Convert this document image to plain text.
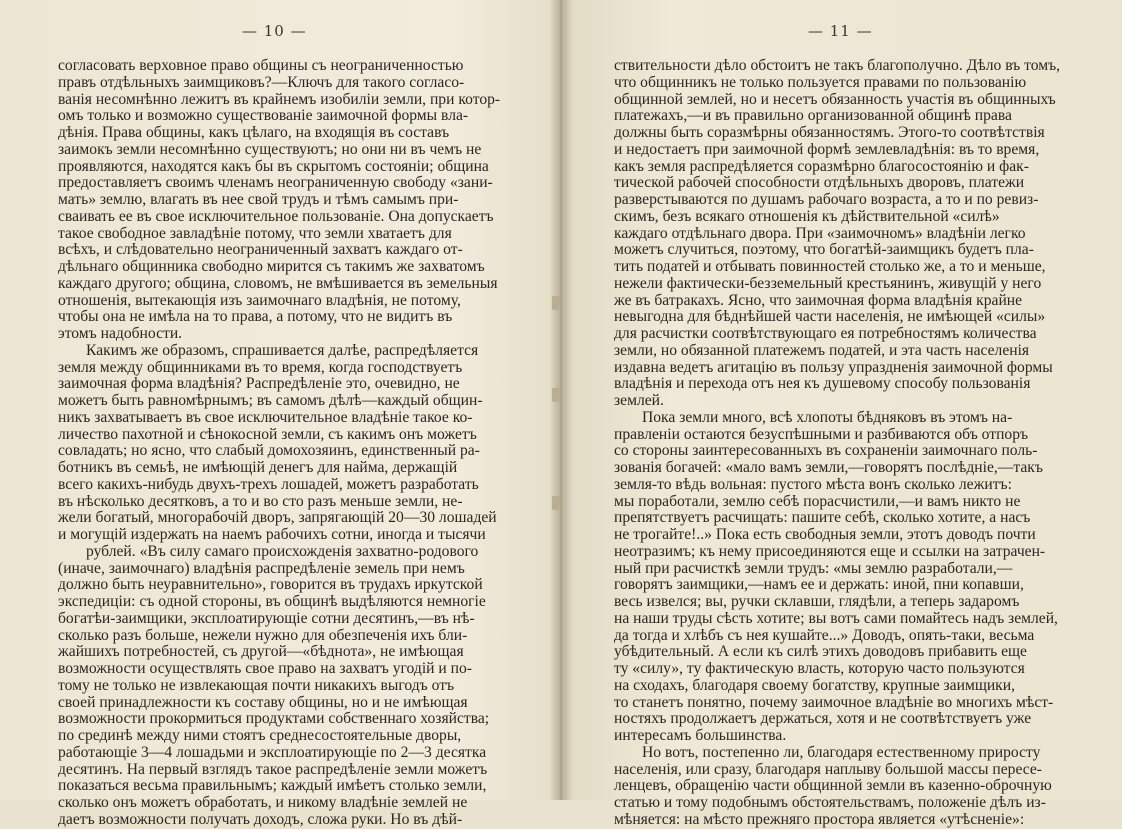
— 10 —
согласовать верховное право общины съ неограниченностью
правъ отдѣльныхъ заимщиковъ?—Ключъ для такого согласо-
ванія несомнѣнно лежитъ въ крайнемъ изобиліи земли, при котор-
омъ только и возможно существованіе заимочной формы вла-
дѣнія. Права общины, какъ цѣлаго, на входящія въ составъ
заимокъ земли несомнѣнно существуютъ; но они ни въ чемъ не
проявляются, находятся какъ бы въ скрытомъ состояніи; община
предоставляетъ своимъ членамъ неограниченную свободу «зани-
мать» землю, влагать въ нее свой трудъ и тѣмъ самымъ при-
сваивать ее въ свое исключительное пользованіе. Она допускаетъ
такое свободное завладѣніе потому, что земли хватаетъ для
всѣхъ, и слѣдовательно неограниченный захватъ каждаго от-
дѣльнаго общинника свободно мирится съ такимъ же захватомъ
каждаго другого; община, словомъ, не вмѣшивается въ земельныя
отношенія, вытекающія изъ заимочнаго владѣнія, не потому,
чтобы она не имѣла на то права, а потому, что не видитъ въ
этомъ надобности.
Какимъ же образомъ, спрашивается далѣе, распредѣляется
земля между общинниками въ то время, когда господствуетъ
заимочная форма владѣнія? Распредѣленіе это, очевидно, не
можетъ быть равномѣрнымъ; въ самомъ дѣлѣ—каждый общин-
никъ захватываетъ въ свое исключительное владѣніе такое ко-
личество пахотной и сѣнокосной земли, съ какимъ онъ можетъ
совладать; но ясно, что слабый домохозяинъ, единственный ра-
ботникъ въ семьѣ, не имѣющій денегъ для найма, держащій
всего какихъ-нибудь двухъ-трехъ лошадей, можетъ разработать
въ нѣсколько десятковъ, а то и во сто разъ меньше земли, не-
жели богатый, многорабочій дворъ, запрягающій 20—30 лошадей
и могущій издержать на наемъ рабочихъ сотни, иногда и тысячи
рублей. «Въ силу самаго происхожденія захватно-родового
(иначе, заимочнаго) владѣнія распредѣленіе земель при немъ
должно быть неуравнительно», говорится въ трудахъ иркутской
экспедиціи: съ одной стороны, въ общинѣ выдѣляются немногіе
богатѣи-заимщики, эксплоатирующіе сотни десятинъ,—въ нѣ-
сколько разъ больше, нежели нужно для обезпеченія ихъ бли-
жайшихъ потребностей, съ другой—«бѣднота», не имѣющая
возможности осуществлять свое право на захватъ угодій и по-
тому не только не извлекающая почти никакихъ выгодъ отъ
своей принадлежности къ составу общины, но и не имѣющая
возможности прокормиться продуктами собственнаго хозяйства;
по срединѣ между ними стоятъ среднесостоятельные дворы,
работающіе 3—4 лошадьми и эксплоатирующіе по 2—3 десятка
десятинъ. На первый взглядъ такое распредѣленіе земли можетъ
показаться весьма правильнымъ; каждый имѣетъ столько земли,
сколько онъ можетъ обработать, и никому владѣніе землей не
даетъ возможности получать доходъ, сложа руки. Но въ дѣй-
— 11 —
ствительности дѣло обстоитъ не такъ благополучно. Дѣло въ томъ,
что общинникъ не только пользуется правами по пользованію
общинной землей, но и несетъ обязанность участія въ общинныхъ
платежахъ,—и въ правильно организованной общинѣ права
должны быть соразмѣрны обязанностямъ. Этого-то соотвѣтствія
и недостаетъ при заимочной формѣ землевладѣнія: въ то время,
какъ земля распредѣляется соразмѣрно благосостоянію и фак-
тической рабочей способности отдѣльныхъ дворовъ, платежи
разверстываются по душамъ рабочаго возраста, а то и по ревиз-
скимъ, безъ всякаго отношенія къ дѣйствительной «силѣ»
каждаго отдѣльнаго двора. При «заимочномъ» владѣніи легко
можетъ случиться, поэтому, что богатѣй-заимщикъ будетъ пла-
тить податей и отбывать повинностей столько же, а то и меньше,
нежели фактически-безземельный крестьянинъ, живущій у него
же въ батракахъ. Ясно, что заимочная форма владѣнія крайне
невыгодна для бѣднѣйшей части населенія, не имѣющей «силы»
для расчистки соотвѣтствующаго ея потребностямъ количества
земли, но обязанной платежемъ податей, и эта часть населенія
издавна ведетъ агитацію въ пользу упраздненія заимочной формы
владѣнія и перехода отъ нея къ душевому способу пользованія
землей.
Пока земли много, всѣ хлопоты бѣдняковъ въ этомъ на-
правленіи остаются безуспѣшными и разбиваются объ отпоръ
со стороны заинтересованныхъ въ сохраненіи заимочнаго поль-
зованія богачей: «мало вамъ земли,—говорятъ послѣдніе,—такъ
земля-то вѣдь вольная: пустого мѣста вонъ сколько лежитъ:
мы поработали, землю себѣ порасчистили,—и вамъ никто не
препятствуетъ расчищать: пашите себѣ, сколько хотите, а насъ
не трогайте!..» Пока есть свободныя земли, этотъ доводъ почти
неотразимъ; къ нему присоединяются еще и ссылки на затрачен-
ный при расчисткѣ земли трудъ: «мы землю разработали,—
говорятъ заимщики,—намъ ее и держать: иной, пни копавши,
весь извелся; вы, ручки склавши, глядѣли, а теперь задаромъ
на наши труды сѣсть хотите; вы вотъ сами помайтесь надъ землей,
да тогда и хлѣбъ съ нея кушайте...» Доводъ, опять-таки, весьма
убѣдительный. А если къ силѣ этихъ доводовъ прибавить еще
ту «силу», ту фактическую власть, которую часто пользуются
на сходахъ, благодаря своему богатству, крупные заимщики,
то станетъ понятно, почему заимочное владѣніе во многихъ мѣст-
ностяхъ продолжаетъ держаться, хотя и не соотвѣтствуетъ уже
интересамъ большинства.
Но вотъ, постепенно ли, благодаря естественному приросту
населенія, или сразу, благодаря наплыву большой массы пересе-
ленцевъ, обращенію части общинной земли въ казенно-оброчную
статью и тому подобнымъ обстоятельствамъ, положеніе дѣлъ из-
мѣняется: на мѣсто прежняго простора является «утѣсненіе»:
